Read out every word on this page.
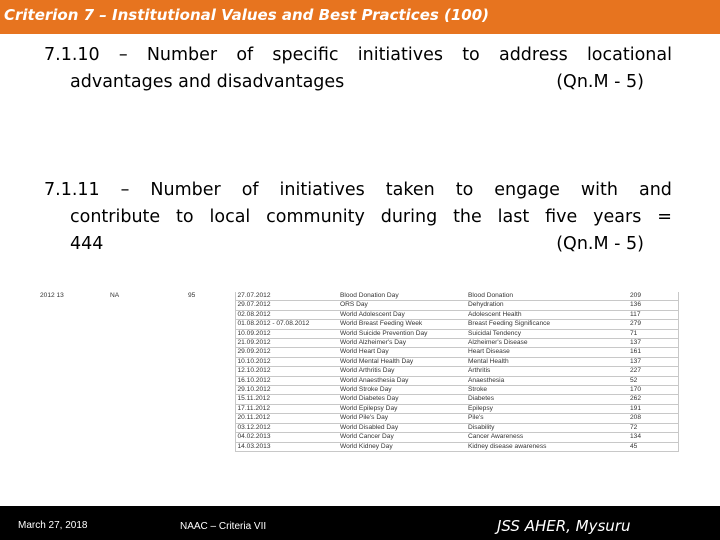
Criterion 7 – Institutional Values and Best Practices (100)
7.1.10 – Number of specific initiatives to address locational
advantages and disadvantages	(Qn.M - 5)
7.1.11 – Number of initiatives taken to engage with and
contribute to local community during the last five years =
444	(Qn.M - 5)
2012 13	NA	95		27.07.2012	Blood Donation Day	Blood Donation	209
				29.07.2012	ORS Day	Dehydration	136
				02.08.2012	World Adolescent Day	Adolescent Health	117
				01.08.2012 - 07.08.2012	World Breast Feeding Week	Breast Feeding Significance	279
				10.09.2012	World Suicide Prevention Day	Suicidal Tendency	71
				21.09.2012	World Alzheimer's Day	Alzheimer's Disease	137
				29.09.2012	World Heart Day	Heart Disease	161
				10.10.2012	World Mental Health Day	Mental Health	137
				12.10.2012	World Arthritis Day	Arthritis	227
				16.10.2012	World Anaesthesia Day	Anaesthesia	52
				29.10.2012	World Stroke Day	Stroke	170
				15.11.2012	World Diabetes Day	Diabetes	262
				17.11.2012	World Epilepsy Day	Epilepsy	191
				20.11.2012	World Pile's Day	Pile's	208
				03.12.2012	World Disabled Day	Disability	72
				04.02.2013	World Cancer Day	Cancer Awareness	134
				14.03.2013	World Kidney Day	Kidney disease awareness	45
March 27, 2018	NAAC – Criteria VII	JSS AHER, Mysuru
